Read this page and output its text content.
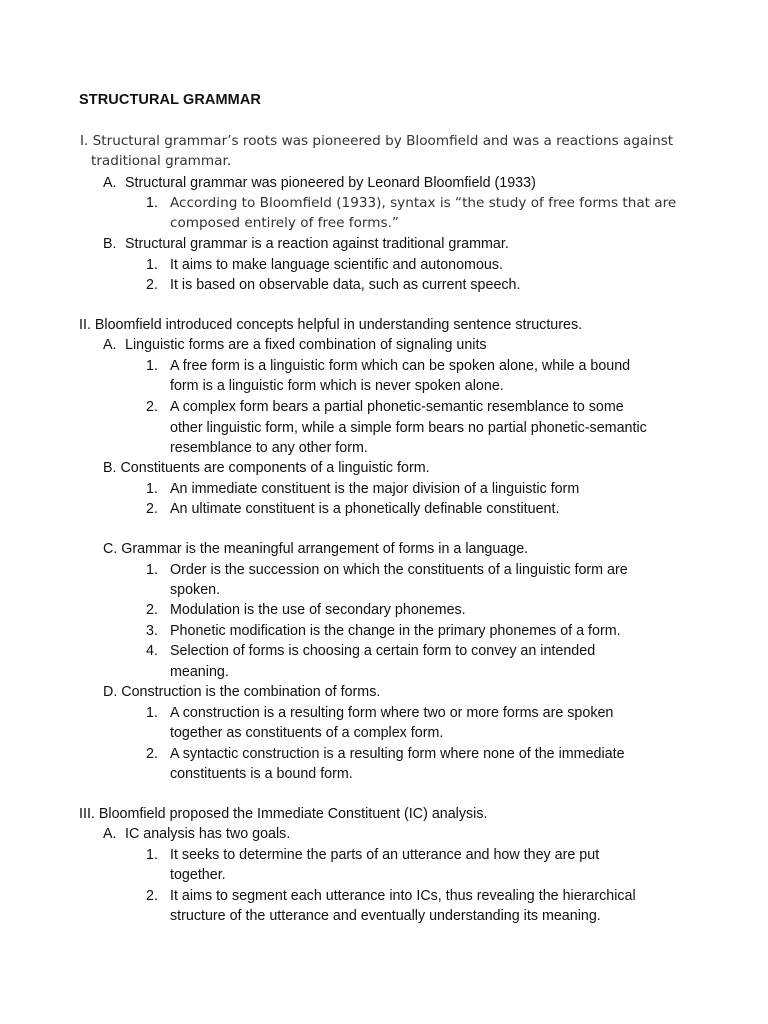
STRUCTURAL GRAMMAR
I. Structural grammar’s roots was pioneered by Bloomfield and was a reactions against
traditional grammar.
A. Structural grammar was pioneered by Leonard Bloomfield (1933)
1. According to Bloomfield (1933), syntax is “the study of free forms that are
composed entirely of free forms.”
B. Structural grammar is a reaction against traditional grammar.
1. It aims to make language scientific and autonomous.
2. It is based on observable data, such as current speech.
II. Bloomfield introduced concepts helpful in understanding sentence structures.
A. Linguistic forms are a fixed combination of signaling units
1. A free form is a linguistic form which can be spoken alone, while a bound
form is a linguistic form which is never spoken alone.
2. A complex form bears a partial phonetic-semantic resemblance to some
other linguistic form, while a simple form bears no partial phonetic-semantic
resemblance to any other form.
B. Constituents are components of a linguistic form.
1. An immediate constituent is the major division of a linguistic form
2. An ultimate constituent is a phonetically definable constituent.
C. Grammar is the meaningful arrangement of forms in a language.
1. Order is the succession on which the constituents of a linguistic form are
spoken.
2. Modulation is the use of secondary phonemes.
3. Phonetic modification is the change in the primary phonemes of a form.
4. Selection of forms is choosing a certain form to convey an intended
meaning.
D. Construction is the combination of forms.
1. A construction is a resulting form where two or more forms are spoken
together as constituents of a complex form.
2. A syntactic construction is a resulting form where none of the immediate
constituents is a bound form.
III. Bloomfield proposed the Immediate Constituent (IC) analysis.
A. IC analysis has two goals.
1. It seeks to determine the parts of an utterance and how they are put
together.
2. It aims to segment each utterance into ICs, thus revealing the hierarchical
structure of the utterance and eventually understanding its meaning.
